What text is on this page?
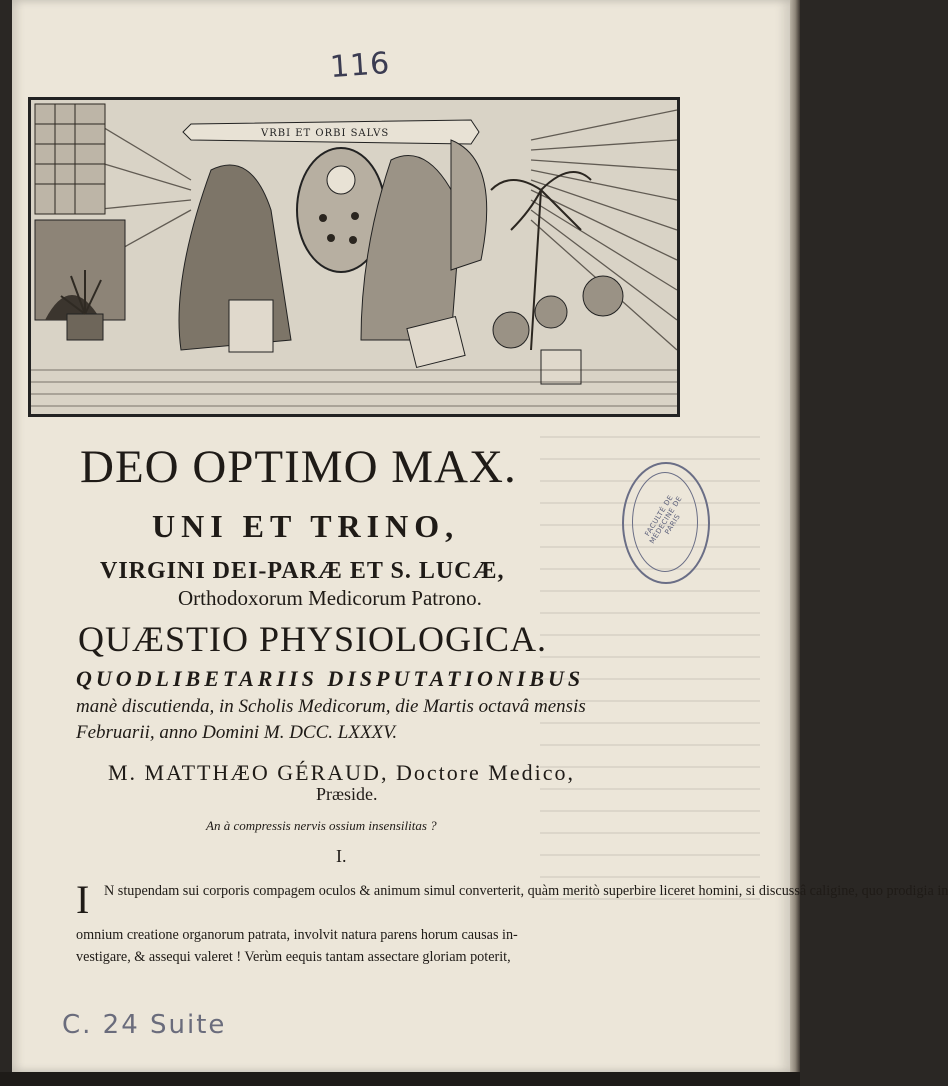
116
VRBI ET ORBI SALVS
DEO OPTIMO MAX.
UNI ET TRINO,
VIRGINI DEI-PARÆ ET S. LUCÆ,
Orthodoxorum Medicorum Patrono.
QUÆSTIO PHYSIOLOGICA.
QUODLIBETARIIS DISPUTATIONIBUS
manè discutienda, in Scholis Medicorum, die Martis octavâ mensis
Februarii, anno Domini M. DCC. LXXXV.
M. MATTHÆO GÉRAUD, Doctore Medico,
Præside.
An à compressis nervis ossium insensilitas ?
I.
I N stupendam sui corporis compagem oculos & animum simul converterit, quàm meritò superbire liceret homini, si discussâ caligine, quo prodigia in
omnium creatione organorum patrata, involvit natura parens horum causas in-
vestigare, & assequi valeret ! Verùm eequis tantam assectare gloriam poterit,
FACULTÉ DE MÉDECINE DE PARIS
C. 24 Suite
